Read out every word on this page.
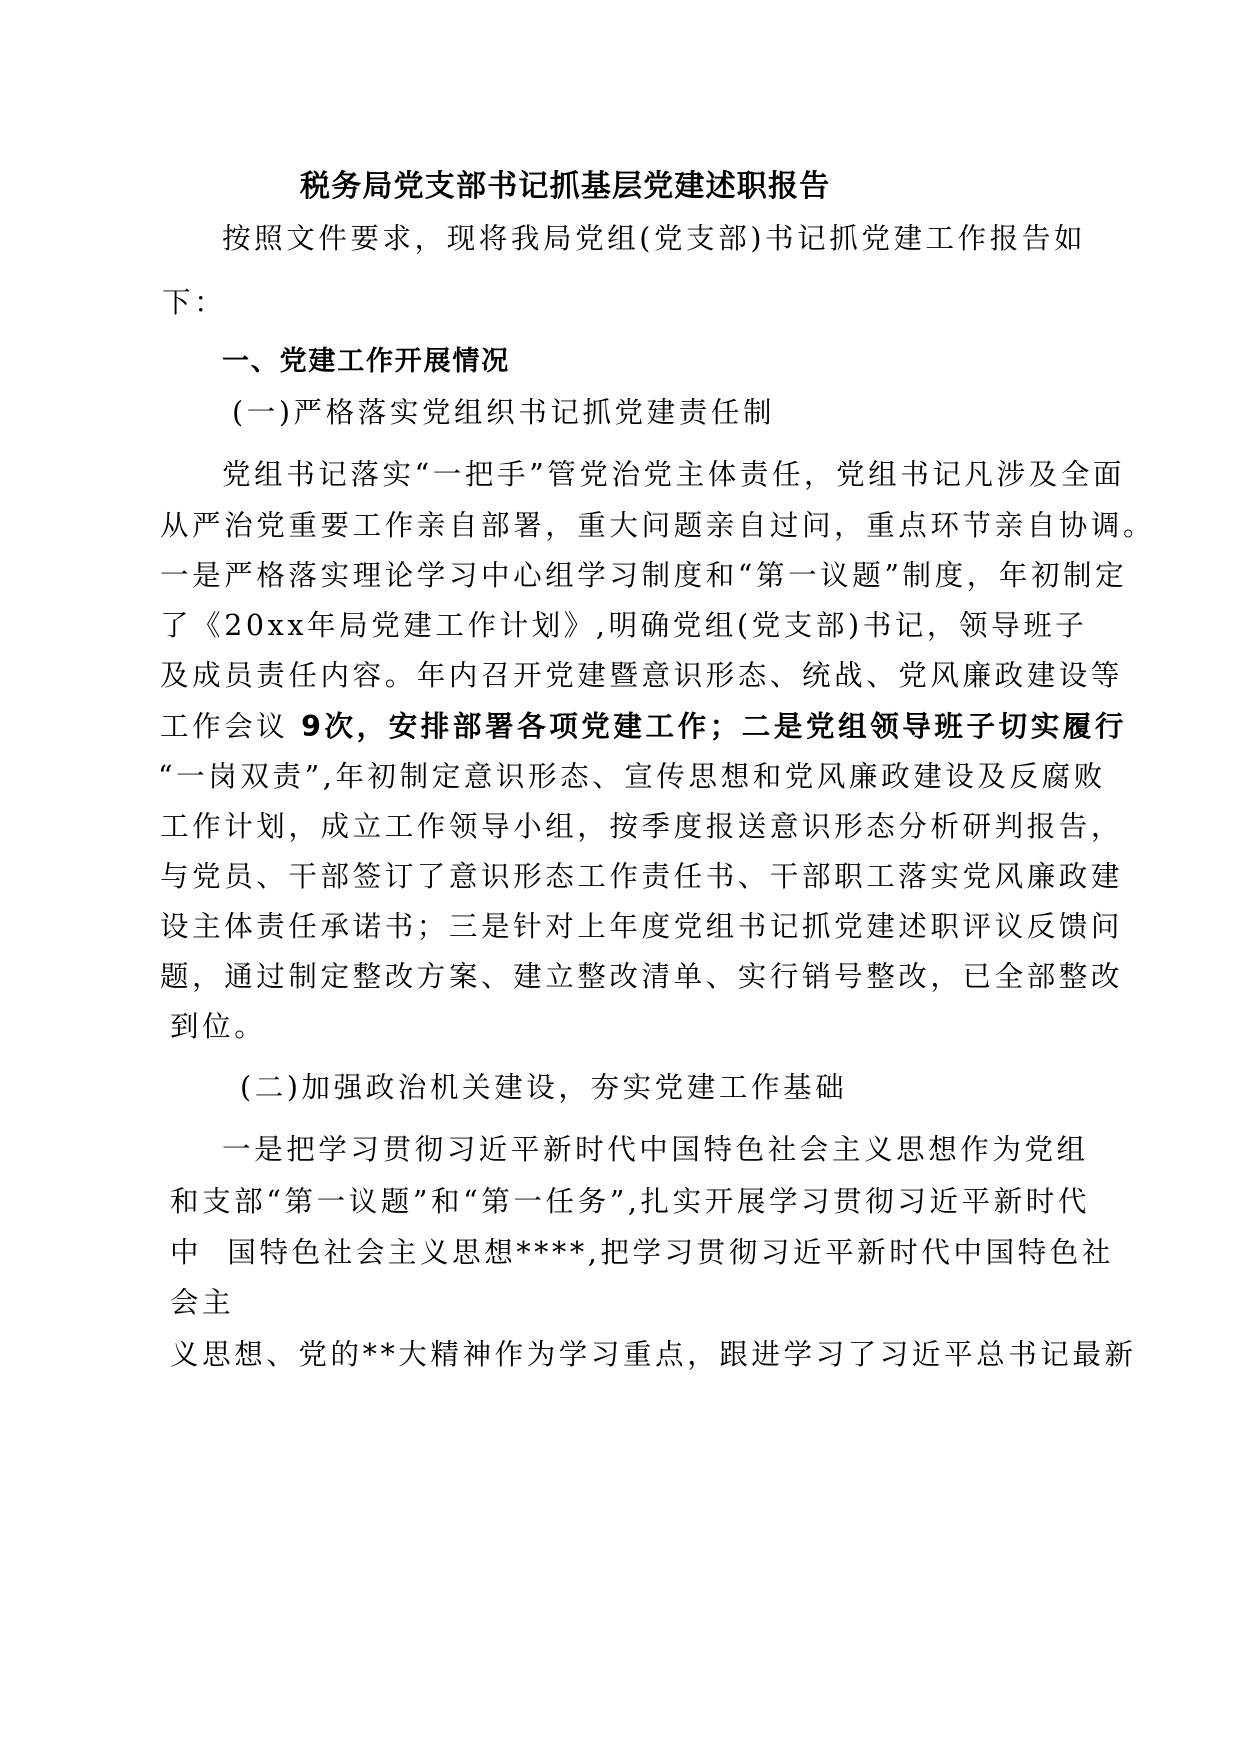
税务局党支部书记抓基层党建述职报告
按照文件要求，现将我局党组(党支部)书记抓党建工作报告如
下：
一、党建工作开展情况
(一)严格落实党组织书记抓党建责任制
党组书记落实“一把手”管党治党主体责任，党组书记凡涉及全面
从严治党重要工作亲自部署，重大问题亲自过问，重点环节亲自协调。
一是严格落实理论学习中心组学习制度和“第一议题”制度，年初制定
了《20xx年局党建工作计划》,明确党组(党支部)书记，领导班子
及成员责任内容。年内召开党建暨意识形态、统战、党风廉政建设等
工作会议 9次，安排部署各项党建工作；二是党组领导班子切实履行
“一岗双责”,年初制定意识形态、宣传思想和党风廉政建设及反腐败
工作计划，成立工作领导小组，按季度报送意识形态分析研判报告，
与党员、干部签订了意识形态工作责任书、干部职工落实党风廉政建
设主体责任承诺书；三是针对上年度党组书记抓党建述职评议反馈问
题，通过制定整改方案、建立整改清单、实行销号整改，已全部整改
到位。
(二)加强政治机关建设，夯实党建工作基础
一是把学习贯彻习近平新时代中国特色社会主义思想作为党组
和支部“第一议题”和“第一任务”,扎实开展学习贯彻习近平新时代
中  国特色社会主义思想****,把学习贯彻习近平新时代中国特色社
会主
义思想、党的**大精神作为学习重点，跟进学习了习近平总书记最新
